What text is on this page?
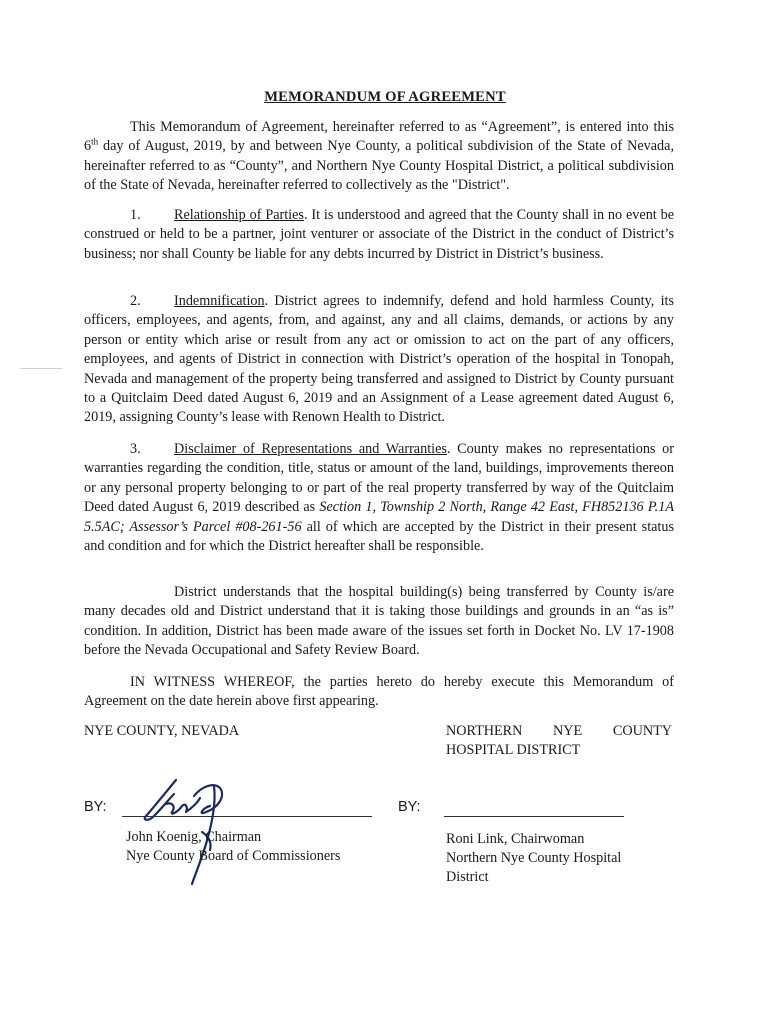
MEMORANDUM OF AGREEMENT

This Memorandum of Agreement, hereinafter referred to as “Agreement”, is entered into this 6th day of August, 2019, by and between Nye County, a political subdivision of the State of Nevada, hereinafter referred to as “County”, and Northern Nye County Hospital District, a political subdivision of the State of Nevada, hereinafter referred to collectively as the "District".

1. Relationship of Parties. It is understood and agreed that the County shall in no event be construed or held to be a partner, joint venturer or associate of the District in the conduct of District’s business; nor shall County be liable for any debts incurred by District in District’s business.

2. Indemnification. District agrees to indemnify, defend and hold harmless County, its officers, employees, and agents, from, and against, any and all claims, demands, or actions by any person or entity which arise or result from any act or omission to act on the part of any officers, employees, and agents of District in connection with District’s operation of the hospital in Tonopah, Nevada and management of the property being transferred and assigned to District by County pursuant to a Quitclaim Deed dated August 6, 2019 and an Assignment of a Lease agreement dated August 6, 2019, assigning County’s lease with Renown Health to District.

3. Disclaimer of Representations and Warranties. County makes no representations or warranties regarding the condition, title, status or amount of the land, buildings, improvements thereon or any personal property belonging to or part of the real property transferred by way of the Quitclaim Deed dated August 6, 2019 described as Section 1, Township 2 North, Range 42 East, FH852136 P.1A 5.5AC; Assessor’s Parcel #08-261-56 all of which are accepted by the District in their present status and condition and for which the District hereafter shall be responsible.

District understands that the hospital building(s) being transferred by County is/are many decades old and District understand that it is taking those buildings and grounds in an “as is” condition. In addition, District has been made aware of the issues set forth in Docket No. LV 17-1908 before the Nevada Occupational and Safety Review Board.

IN WITNESS WHEREOF, the parties hereto do hereby execute this Memorandum of Agreement on the date herein above first appearing.

NYE COUNTY, NEVADA	NORTHERN NYE COUNTY
HOSPITAL DISTRICT
BY:
John Koenig, Chairman
Nye County Board of Commissioners
BY:
Roni Link, Chairwoman
Northern Nye County Hospital
District
